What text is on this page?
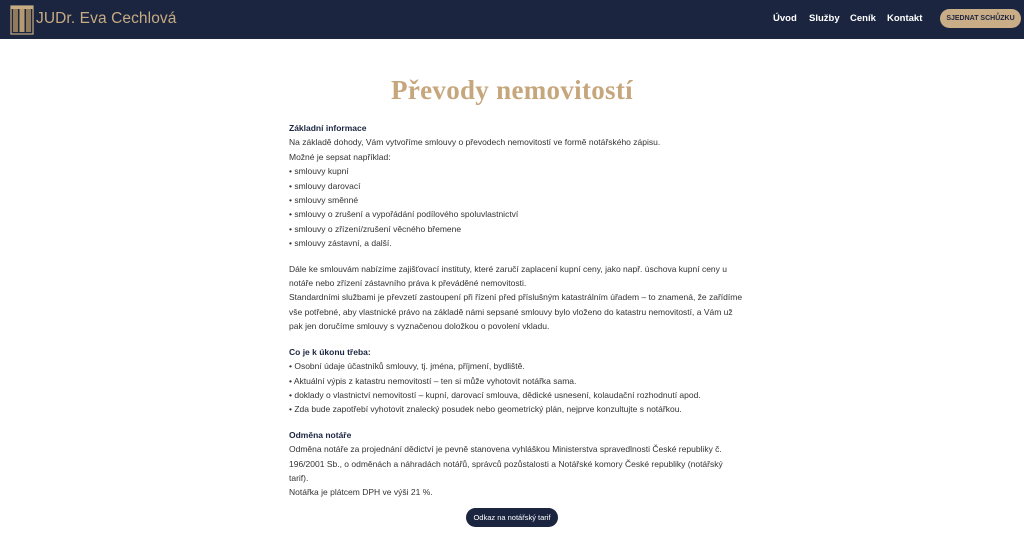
JUDr. Eva Cechlová	Úvod Služby Ceník Kontakt	SJEDNAT SCHŮZKU
Převody nemovitostí
Základní informace
Na základě dohody, Vám vytvoříme smlouvy o převodech nemovitostí ve formě notářského zápisu.
Možné je sepsat například:
• smlouvy kupní
• smlouvy darovací
• smlouvy směnné
• smlouvy o zrušení a vypořádání podílového spoluvlastnictví
• smlouvy o zřízení/zrušení věcného břemene
• smlouvy zástavní, a další.
Dále ke smlouvám nabízíme zajišťovací instituty, které zaručí zaplacení kupní ceny, jako např. úschova kupní ceny u
notáře nebo zřízení zástavního práva k převáděné nemovitosti.
Standardními službami je převzetí zastoupení při řízení před příslušným katastrálním úřadem – to znamená, že zařídíme
vše potřebné, aby vlastnické právo na základě námi sepsané smlouvy bylo vloženo do katastru nemovitostí, a Vám už
pak jen doručíme smlouvy s vyznačenou doložkou o povolení vkladu.
Co je k úkonu třeba:
• Osobní údaje účastníků smlouvy, tj. jména, příjmení, bydliště.
• Aktuální výpis z katastru nemovitostí – ten si může vyhotovit notářka sama.
• doklady o vlastnictví nemovitostí – kupní, darovací smlouva, dědické usnesení, kolaudační rozhodnutí apod.
• Zda bude zapotřebí vyhotovit znalecký posudek nebo geometrický plán, nejprve konzultujte s notářkou.
Odměna notáře
Odměna notáře za projednání dědictví je pevně stanovena vyhláškou Ministerstva spravedlnosti České republiky č.
196/2001 Sb., o odměnách a náhradách notářů, správců pozůstalosti a Notářské komory České republiky (notářský
tarif).
Notářka je plátcem DPH ve výši 21 %.
Odkaz na notářský tarif
